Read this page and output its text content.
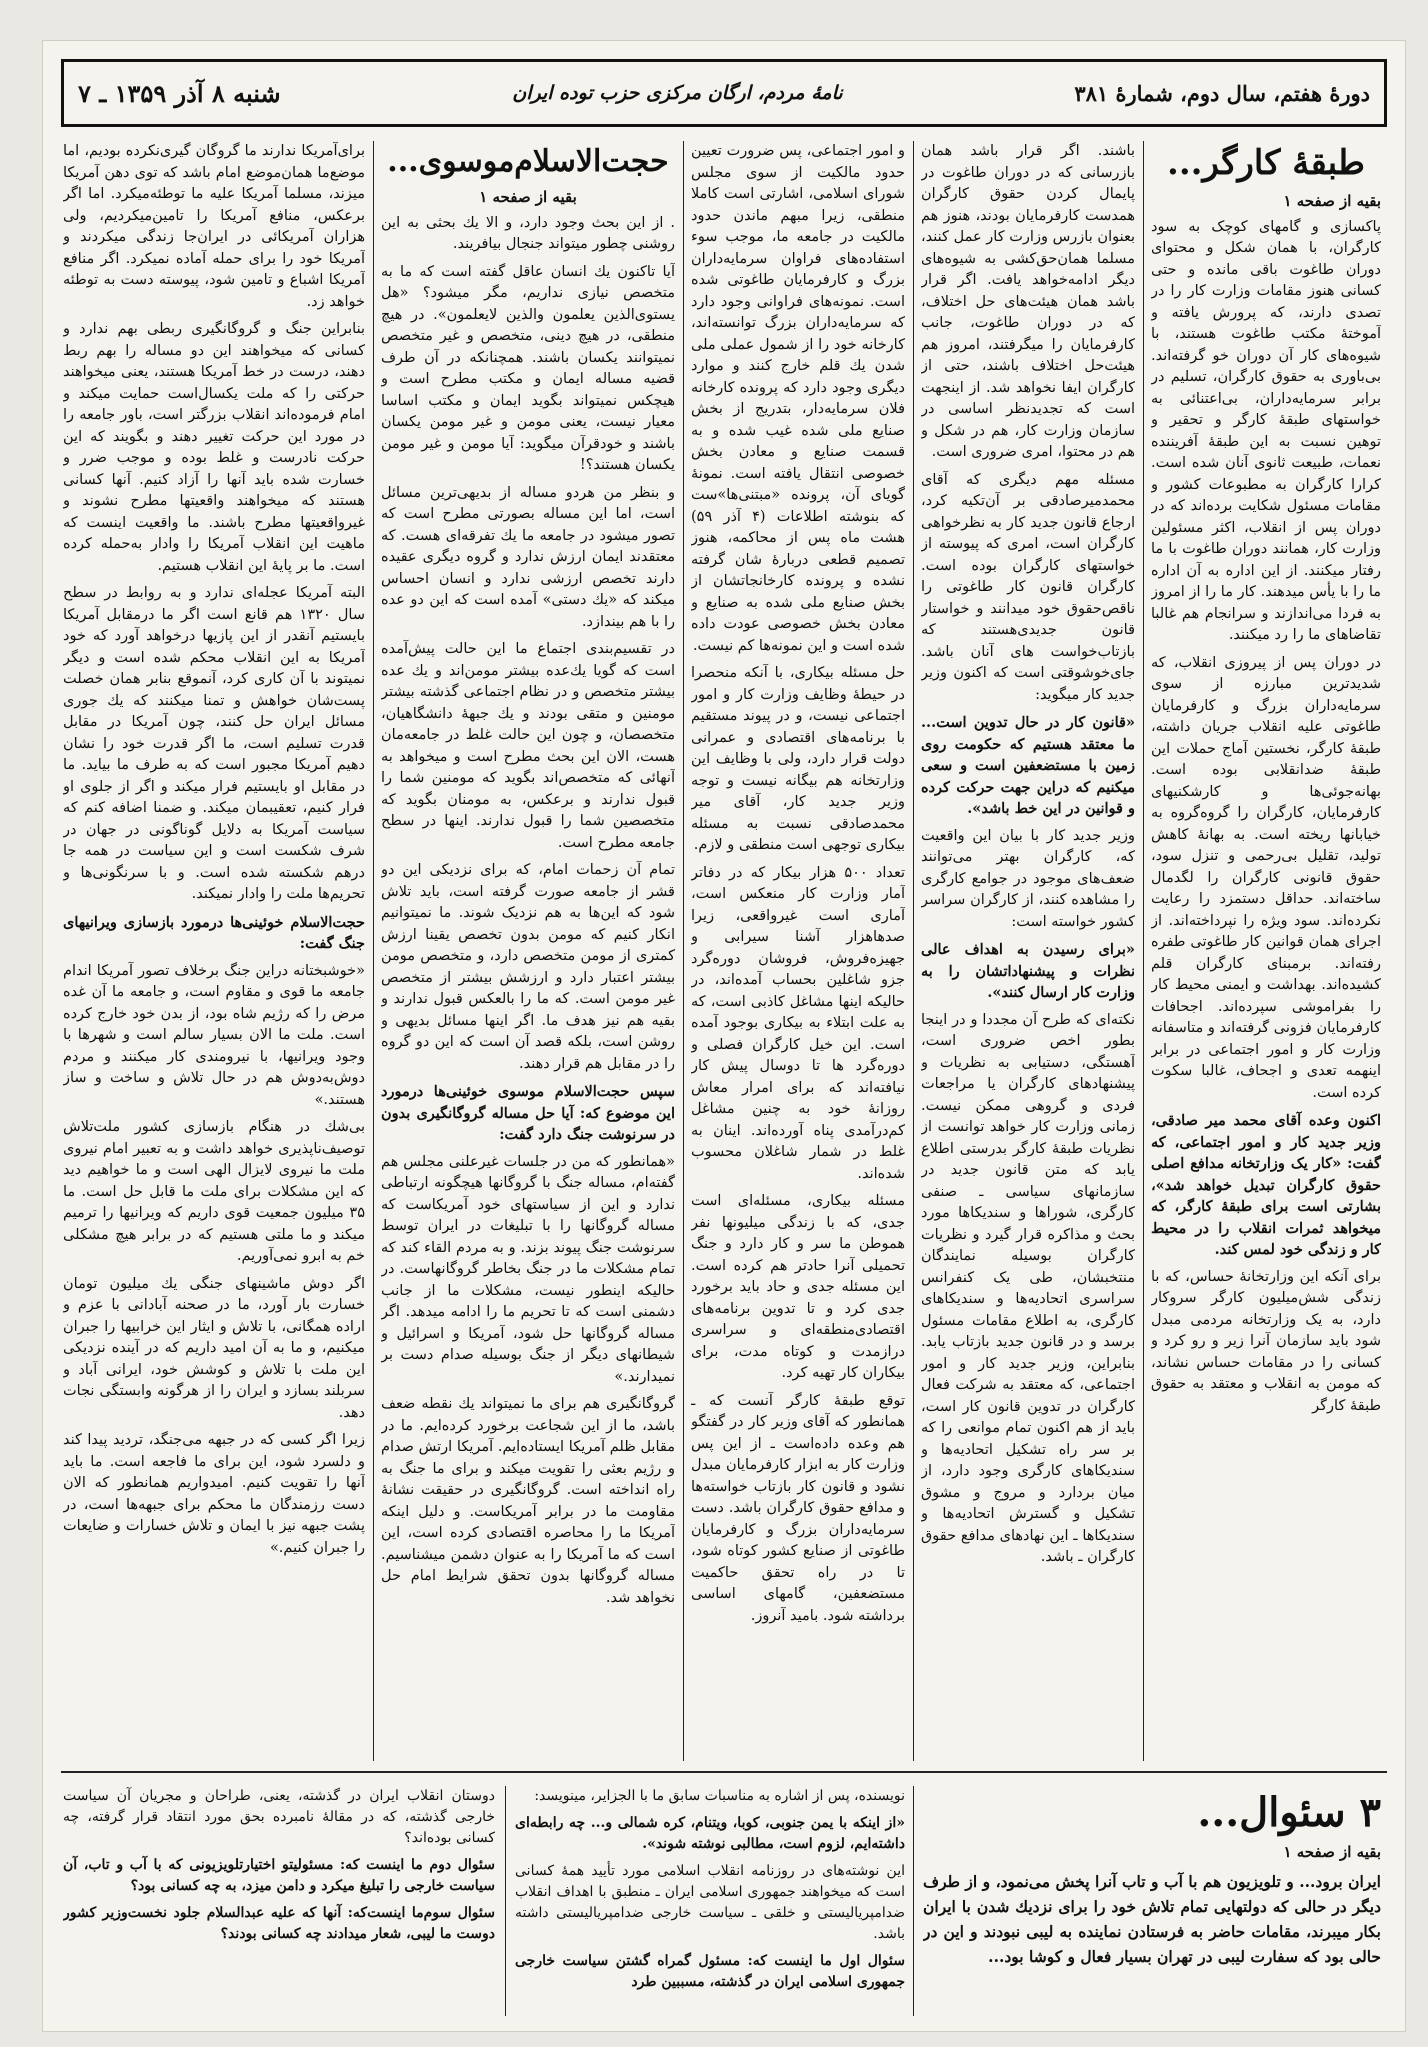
دورهٔ هفتم، سال دوم، شمارهٔ ۳۸۱
نامهٔ مردم، ارگان مرکزی حزب توده ایران
شنبه ۸ آذر ۱۳۵۹ ـ ۷
طبقهٔ کارگر...
بقیه از صفحه ۱

پاکسازی و گامهای کوچک به سود کارگران، با همان شکل و محتوای دوران طاغوت باقی مانده و حتی کسانی هنوز مقامات وزارت کار را در تصدی دارند، که پرورش یافته و آموختهٔ مکتب طاغوت هستند، با شیوه‌های کار آن دوران خو گرفته‌اند. بی‌باوری به حقوق کارگران، تسلیم در برابر سرمایه‌داران، بی‌اعتنائی به خواستهای طبقهٔ کارگر و تحقیر و توهین نسبت به این طبقهٔ آفریننده نعمات، طبیعت ثانوی آنان شده است. کرارا کارگران به مطبوعات کشور و مقامات مسئول شکایت برده‌اند که در دوران پس از انقلاب، اکثر مسئولین وزارت کار، همانند دوران طاغوت با ما رفتار میکنند. از این اداره به آن اداره ما را با یأس میدهند. کار ما را از امروز به فردا می‌اندازند و سرانجام هم غالبا تقاضاهای ما را رد میکنند.

در دوران پس از پیروزی انقلاب، که شدیدترین مبارزه از سوی سرمایه‌داران بزرگ و کارفرمایان طاغوتی علیه انقلاب جریان داشته، طبقهٔ کارگر، نخستین آماج حملات این طبقهٔ ضدانقلابی بوده است. بهانه‌جوئی‌ها و کارشکنیهای کارفرمایان، کارگران را گروه‌گروه به خیابانها ریخته است. به بهانهٔ کاهش تولید، تقلیل بی‌رحمی و تنزل سود، حقوق قانونی کارگران را لگدمال ساخته‌اند. حداقل دستمزد را رعایت نکرده‌اند. سود ویژه را نپرداخته‌اند. از اجرای همان قوانین کار طاغوتی طفره رفته‌اند. برمبنای کارگران قلم کشیده‌اند. بهداشت و ایمنی محیط کار را بفراموشی سپرده‌اند. اجحافات کارفرمایان فزونی گرفته‌اند و متاسفانه وزارت کار و امور اجتماعی در برابر اینهمه تعدی و اجحاف، غالبا سکوت کرده است.

اکنون وعده آقای محمد میر صادقی، وزیر جدید کار و امور اجتماعی، که گفت: «کار یک وزارتخانه مدافع اصلی حقوق کارگران تبدیل خواهد شد»، بشارتی است برای طبقهٔ کارگر، که میخواهد ثمرات انقلاب را در محیط کار و زندگی خود لمس کند.

برای آنکه این وزارتخانهٔ حساس، که با زندگی شش‌میلیون کارگر سروکار دارد، به یک وزارتخانه مردمی مبدل شود باید سازمان آنرا زیر و رو کرد و کسانی را در مقامات حساس نشاند، که مومن به انقلاب و معتقد به حقوق طبقهٔ کارگر

باشند. اگر قرار باشد همان بازرسانی که در دوران طاغوت در پایمال کردن حقوق کارگران همدست کارفرمایان بودند، هنوز هم بعنوان بازرس وزارت کار عمل کنند، مسلما همان‌حق‌کشی به شیوه‌های دیگر ادامه‌خواهد یافت. اگر قرار باشد همان هیئت‌های حل اختلاف، که در دوران طاغوت، جانب کارفرمایان را میگرفتند، امروز هم هیئت‌حل اختلاف باشند، حتی از کارگران ایفا نخواهد شد. از اینجهت است که تجدیدنظر اساسی در سازمان وزارت کار، هم در شکل و هم در محتوا، امری ضروری است.

مسئله مهم دیگری که آقای محمدمیرصادقی بر آن‌تکیه کرد، ارجاع قانون جدید کار به نظرخواهی کارگران است، امری که پیوسته از خواستهای کارگران بوده است. کارگران قانون کار طاغوتی را ناقص‌حقوق خود میدانند و خواستار قانون جدیدی‌هستند که بازتاب‌خواست های آنان باشد. جای‌خوشوقتی است که اکنون وزیر جدید کار میگوید:

«قانون کار در حال تدوین است... ما معتقد هستیم که حکومت روی زمین با مستضعفین است و سعی میکنیم که دراین جهت حرکت کرده و قوانین در این خط باشد».

وزیر جدید کار با بیان این واقعیت که، کارگران بهتر می‌توانند ضعف‌های موجود در جوامع کارگری را مشاهده کنند، از کارگران سراسر کشور خواسته است:

«برای رسیدن به اهداف عالی نظرات و پیشنهاداتشان را به وزارت کار ارسال کنند».

نکته‌ای که طرح آن مجددا و در اینجا بطور اخص ضروری است، آهستگی، دستیابی به نظریات و پیشنهادهای کارگران یا مراجعات فردی و گروهی ممکن نیست. زمانی وزارت کار خواهد توانست از نظریات طبقهٔ کارگر بدرستی اطلاع یابد که متن قانون جدید در سازمانهای سیاسی ـ صنفی کارگری، شوراها و سندیکاها مورد بحث و مذاکره قرار گیرد و نظریات کارگران بوسیله نمایندگان منتخبشان، طی یک کنفرانس سراسری اتحادیه‌ها و سندیکاهای کارگری، به اطلاع مقامات مسئول برسد و در قانون جدید بازتاب یابد. بنابراین، وزیر جدید کار و امور اجتماعی، که معتقد به شرکت فعال کارگران در تدوین قانون کار است، باید از هم اکنون تمام موانعی را که بر سر راه تشکیل اتحادیه‌ها و سندیکاهای کارگری وجود دارد، از میان بردارد و مروج و مشوق تشکیل و گسترش اتحادیه‌ها و سندیکاها ـ این نهادهای مدافع حقوق کارگران ـ باشد.

و امور اجتماعی، پس ضرورت تعیین حدود مالکیت از سوی مجلس شورای اسلامی، اشارتی است کاملا منطقی، زیرا مبهم ماندن حدود مالکیت در جامعه ما، موجب سوء استفاده‌های فراوان سرمایه‌داران بزرگ و کارفرمایان طاغوتی شده است. نمونه‌های فراوانی وجود دارد که سرمایه‌داران بزرگ توانسته‌اند، کارخانه خود را از شمول عملی ملی شدن یك قلم خارج کنند و موارد دیگری وجود دارد که پرونده کارخانه فلان سرمایه‌دار، بتدریج از بخش صنایع ملی شده غیب شده و به قسمت صنایع و معادن بخش خصوصی انتقال یافته است. نمونهٔ گویای آن، پرونده «مبتنی‌ها»ست که بنوشته اطلاعات (۴ آذر ۵۹) هشت ماه پس از محاکمه، هنوز تصمیم قطعی دربارهٔ شان گرفته نشده و پرونده کارخانجاتشان از بخش صنایع ملی شده به صنایع و معادن بخش خصوصی عودت داده شده است و این نمونه‌ها کم نیست.

حل مسئله بیکاری، با آنکه منحصرا در حیطهٔ وظایف وزارت کار و امور اجتماعی نیست، و در پیوند مستقیم با برنامه‌های اقتصادی و عمرانی دولت قرار دارد، ولی با وظایف این وزارتخانه هم بیگانه نیست و توجه وزیر جدید کار، آقای میر محمدصادقی نسبت به مسئله بیکاری توجهی است منطقی و لازم.

تعداد ۵۰۰ هزار بیکار که در دفاتر آمار وزارت کار منعکس است، آماری است غیرواقعی، زیرا صدهاهزار آشنا سیرابی و جهیزه‌فروش، فروشان دوره‌گرد جزو شاغلین بحساب آمده‌اند، در حالیکه اینها مشاغل کاذبی است، که به علت ابتلاء به بیکاری بوجود آمده است. این خیل کارگران فصلی و دوره‌گرد ها تا دوسال پیش کار نیافته‌اند که برای امرار معاش روزانهٔ خود به چنین مشاغل کم‌درآمدی پناه آورده‌اند. اینان به غلط در شمار شاغلان محسوب شده‌اند.

مسئله بیکاری، مسئله‌ای است جدی، که با زندگی میلیونها نفر هموطن ما سر و کار دارد و جنگ تحمیلی آنرا حادتر هم کرده است. این مسئله جدی و حاد باید برخورد جدی کرد و تا تدوین برنامه‌های اقتصادی‌منطقه‌ای و سراسری درازمدت و کوتاه مدت، برای بیکاران کار تهیه کرد.

توقع طبقهٔ کارگر آنست که ـ همانطور که آقای وزیر کار در گفتگو هم وعده داده‌است ـ از این پس وزارت کار به ابزار کارفرمایان مبدل نشود و قانون کار بازتاب خواسته‌ها و مدافع حقوق کارگران باشد. دست سرمایه‌داران بزرگ و کارفرمایان طاغوتی از صنایع کشور کوتاه شود، تا در راه تحقق حاکمیت مستضعفین، گامهای اساسی برداشته شود. بامید آنروز.

حجت‌الاسلام‌موسوی...
بقیه از صفحه ۱

. از این بحث وجود دارد، و الا یك بحثی به این روشنی چطور میتواند جنجال بیافریند.

آیا تاکنون یك انسان عاقل گفته است که ما به متخصص نیازی نداریم، مگر میشود؟ «هل یستوی‌الذین یعلمون والذین لایعلمون». در هیچ منطقی، در هیچ دینی، متخصص و غیر متخصص نمیتوانند یکسان باشند. همچنانکه در آن طرف قضیه مساله ایمان و مکتب مطرح است و هیچکس نمیتواند بگوید ایمان و مکتب اساسا معیار نیست، یعنی مومن و غیر مومن یکسان باشند و خودقرآن میگوید: آیا مومن و غیر مومن یکسان هستند؟!

و بنظر من هردو مساله از بدیهی‌ترین مسائل است، اما این مساله بصورتی مطرح است که تصور میشود در جامعه ما یك تفرقه‌ای هست. که معتقدند ایمان ارزش ندارد و گروه دیگری عقیده دارند تخصص ارزشی ندارد و انسان احساس میکند که «یك دستی» آمده است که این دو عده را با هم بیندازد.

در تقسیم‌بندی اجتماع ما این حالت پیش‌آمده است که گویا یك‌عده بیشتر مومن‌اند و یك عده بیشتر متخصص و در نظام اجتماعی گذشته بیشتر مومنین و متقی بودند و یك جبههٔ دانشگاهیان، متخصصان، و چون این حالت غلط در جامعه‌مان هست، الان این بحث مطرح است و میخواهد به آنهائی که متخصص‌اند بگوید که مومنین شما را قبول ندارند و برعکس، به مومنان بگوید که متخصصین شما را قبول ندارند. اینها در سطح جامعه مطرح است.

تمام آن زحمات امام، که برای نزدیکی این دو قشر از جامعه صورت گرفته است، باید تلاش شود که این‌ها به هم نزدیک شوند. ما نمیتوانیم انکار کنیم که مومن بدون تخصص یقینا ارزش کمتری از مومن متخصص دارد، و متخصص مومن بیشتر اعتبار دارد و ارزشش بیشتر از متخصص غیر مومن است. که ما را بالعکس قبول ندارند و بقیه هم نیز هدف ما. اگر اینها مسائل بدیهی و روشن است، بلکه قصد آن است که این دو گروه را در مقابل هم قرار دهند.

سپس حجت‌الاسلام موسوی خوئینی‌ها درمورد این موضوع که: آیا حل مساله گروگانگیری بدون در سرنوشت جنگ دارد گفت:

«همانطور که من در جلسات غیرعلنی مجلس هم گفته‌ام، مساله جنگ با گروگانها هیچگونه ارتباطی ندارد و این از سیاستهای خود آمریکاست که مساله گروگانها را با تبلیغات در ایران توسط سرنوشت جنگ پیوند بزند. و به مردم القاء کند که تمام مشکلات ما در جنگ بخاطر گروگانهاست. در حالیکه اینطور نیست، مشکلات ما از جانب دشمنی است که تا تحریم ما را ادامه میدهد. اگر مساله گروگانها حل شود، آمریکا و اسرائیل و شیطانهای دیگر از جنگ بوسیله صدام دست بر نمیدارند.»

گروگانگیری هم برای ما نمیتواند یك نقطه ضعف باشد، ما از این شجاعت برخورد کرده‌ایم. ما در مقابل ظلم آمریکا ایستاده‌ایم. آمریکا ارتش صدام و رژیم بعثی را تقویت میکند و برای ما جنگ به راه انداخته است. گروگانگیری در حقیقت نشانهٔ مقاومت ما در برابر آمریکاست. و دلیل اینکه آمریکا ما را محاصره اقتصادی کرده است، این است که ما آمریکا را به عنوان دشمن میشناسیم. مساله گروگانها بدون تحقق شرایط امام حل نخواهد شد.

برای‌آمریکا ندارند ما گروگان گیری‌نکرده بودیم، اما موضع‌ما همان‌موضع امام باشد که توی دهن آمریکا میزند، مسلما آمریکا علیه ما توطئه‌میکرد. اما اگر برعکس، منافع آمریکا را تامین‌میکردیم، ولی هزاران آمریکائی در ایران‌جا زندگی میکردند و آمریکا خود را برای حمله آماده نمیکرد. اگر منافع آمریکا اشباع و تامین شود، پیوسته دست به توطئه خواهد زد.

بنابراین جنگ و گروگانگیری ربطی بهم ندارد و کسانی که میخواهند این دو مساله را بهم ربط دهند، درست در خط آمریکا هستند، یعنی میخواهند حرکتی را که ملت یکسال‌است حمایت میکند و امام فرموده‌اند انقلاب بزرگتر است، باور جامعه را در مورد این حرکت تغییر دهند و بگویند که این حرکت نادرست و غلط بوده و موجب ضرر و خسارت شده باید آنها را آزاد کنیم. آنها کسانی هستند که میخواهند واقعیتها مطرح نشوند و غیرواقعیتها مطرح باشند. ما واقعیت اینست که ماهیت این انقلاب آمریکا را وادار به‌حمله کرده است. ما بر پایهٔ این انقلاب هستیم.

البته آمریکا عجله‌ای ندارد و به روابط در سطح سال ۱۳۲۰ هم قانع است اگر ما درمقابل آمریکا بایستیم آنقدر از این پازیها درخواهد آورد که خود آمریکا به این انقلاب محکم شده است و دیگر نمیتوند با آن کاری کرد، آنموقع بنابر همان خصلت پست‌شان خواهش و تمنا میکنند که یك جوری مسائل ایران حل کنند، چون آمریکا در مقابل قدرت تسلیم است، ما اگر قدرت خود را نشان دهیم آمریکا مجبور است که به طرف ما بیاید. ما در مقابل او بایستیم فرار میکند و اگر از جلوی او فرار کنیم، تعقیبمان میکند. و ضمنا اضافه کنم که سیاست آمریکا به دلایل گوناگونی در جهان در شرف شکست است و این سیاست در همه جا درهم شکسته شده است. و با سرنگونی‌ها و تحریم‌ها ملت را وادار نمیکند.

حجت‌الاسلام خوئینی‌ها درمورد بازسازی ویرانیهای جنگ گفت:

«خوشبختانه دراین جنگ برخلاف تصور آمریکا اندام جامعه ما قوی و مقاوم است، و جامعه ما آن غده مرض را که رژیم شاه بود، از بدن خود خارج کرده است. ملت ما الان بسیار سالم است و شهرها با وجود ویرانیها، با نیرومندی کار میکنند و مردم دوش‌به‌دوش هم در حال تلاش و ساخت و ساز هستند.»

بی‌شك در هنگام بازسازی کشور ملت‌تلاش توصیف‌ناپذیری خواهد داشت و به تعبیر امام نیروی ملت ما نیروی لایزال الهی است و ما خواهیم دید که این مشکلات برای ملت ما قابل حل است. ما ۳۵ میلیون جمعیت قوی داریم که ویرانیها را ترمیم میکند و ما ملتی هستیم که در برابر هیچ مشکلی خم به ابرو نمی‌آوریم.

اگر دوش ماشینهای جنگی یك میلیون تومان خسارت بار آورد، ما در صحنه آبادانی با عزم و اراده همگانی، با تلاش و ایثار این خرابیها را جبران میکنیم، و ما به آن امید داریم که در آینده نزدیکی این ملت با تلاش و کوشش خود، ایرانی آباد و سربلند بسازد و ایران را از هرگونه وابستگی نجات دهد.

زیرا اگر کسی که در جبهه می‌جنگد، تردید پیدا کند و دلسرد شود، این برای ما فاجعه است. ما باید آنها را تقویت کنیم. امیدواریم همانطور که الان دست رزمندگان ما محکم برای جبهه‌ها است، در پشت جبهه نیز با ایمان و تلاش خسارات و ضایعات را جبران کنیم.»

۳ سئوال...
بقیه از صفحه ۱

ایران برود... و تلویزیون هم با آب و تاب آنرا پخش می‌نمود، و از طرف دیگر در حالی که دولتهایی تمام تلاش خود را برای نزدیك شدن با ایران بکار میبرند، مقامات حاضر به فرستادن نماینده به لیبی نبودند و این در حالی بود که سفارت لیبی در تهران بسیار فعال و کوشا بود...

نویسنده، پس از اشاره به مناسبات سابق ما با الجزایر، مینویسد:

«از اینکه با یمن جنوبی، کوبا، ویتنام، کره شمالی و... چه رابطه‌ای داشته‌ایم، لزوم است، مطالبی نوشته شوند».

این نوشته‌های در روزنامه انقلاب اسلامی مورد تأیید همهٔ کسانی است که میخواهند جمهوری اسلامی ایران ـ منطبق با اهداف انقلاب ضدامپریالیستی و خلقی ـ سیاست خارجی ضدامپریالیستی داشته باشد.

سئوال اول ما اینست که: مسئول گمراه گشتن سیاست خارجی جمهوری اسلامی ایران در گذشته، مسببین طرد

دوستان انقلاب ایران در گذشته، یعنی، طراحان و مجریان آن سیاست خارجی گذشته، که در مقالهٔ نامبرده بحق مورد انتقاد قرار گرفته، چه کسانی بوده‌اند؟

سئوال دوم ما اینست که: مسئولیتو اختیارتلویزیونی که با آب و تاب، آن سیاست خارجی را تبلیغ میکرد و دامن میزد، به چه کسانی بود؟

سئوال سوم‌ما اینست‌که: آنها که علیه عبدالسلام جلود نخست‌وزیر کشور دوست ما لیبی، شعار میدادند چه کسانی بودند؟
